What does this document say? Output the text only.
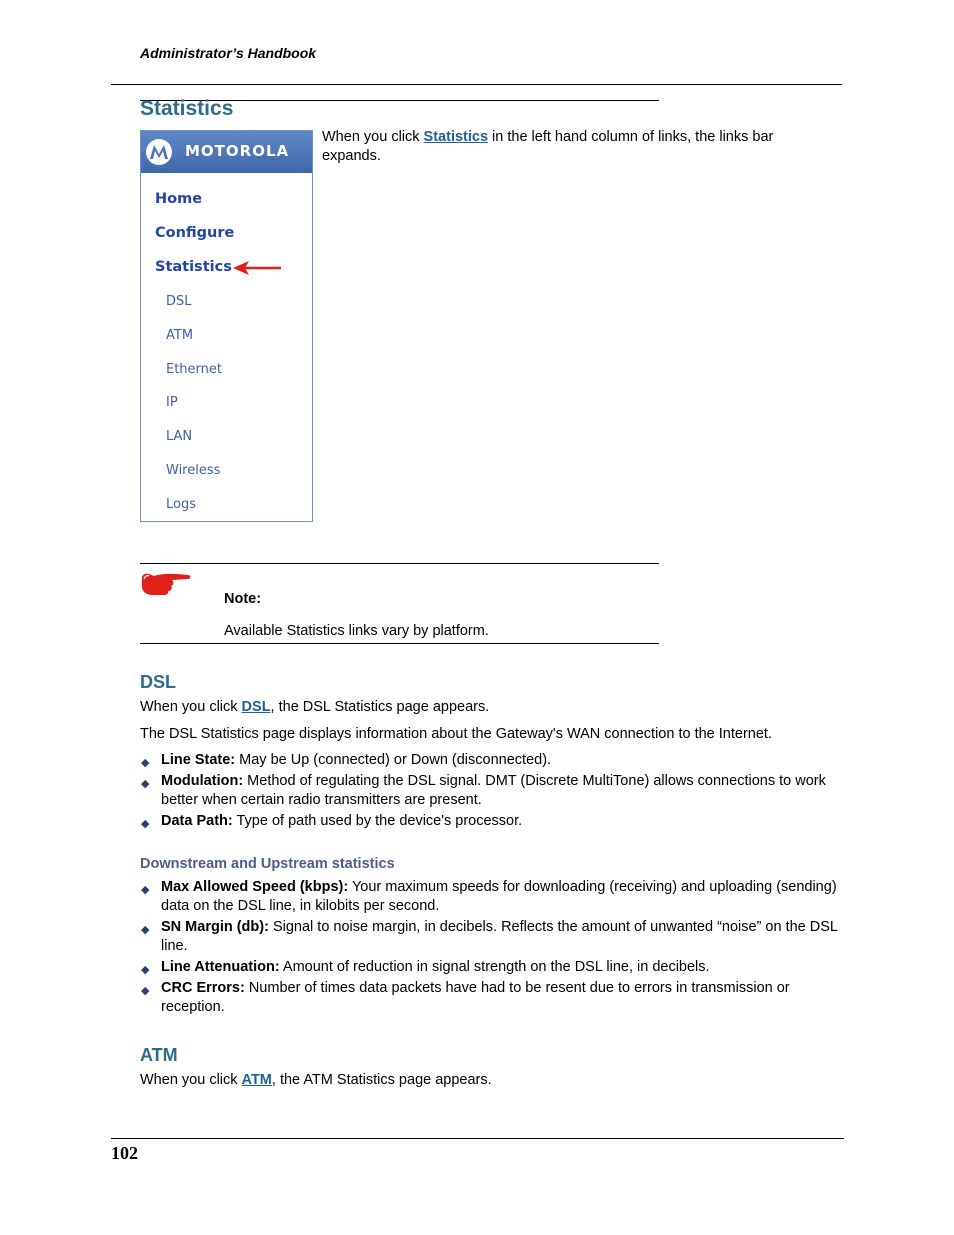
Administrator’s Handbook
Statistics
When you click Statistics in the left hand column of links, the links bar expands.
MOTOROLA
Home
Configure
Statistics
DSL
ATM
Ethernet
IP
LAN
Wireless
Logs
Note:
Available Statistics links vary by platform.
DSL
When you click DSL, the DSL Statistics page appears.
The DSL Statistics page displays information about the Gateway's WAN connection to the Internet.
◆ Line State: May be Up (connected) or Down (disconnected).
◆ Modulation: Method of regulating the DSL signal. DMT (Discrete MultiTone) allows connections to work better when certain radio transmitters are present.
◆ Data Path: Type of path used by the device's processor.
Downstream and Upstream statistics
◆ Max Allowed Speed (kbps): Your maximum speeds for downloading (receiving) and uploading (sending) data on the DSL line, in kilobits per second.
◆ SN Margin (db): Signal to noise margin, in decibels. Reflects the amount of unwanted “noise” on the DSL line.
◆ Line Attenuation: Amount of reduction in signal strength on the DSL line, in decibels.
◆ CRC Errors: Number of times data packets have had to be resent due to errors in transmission or reception.
ATM
When you click ATM, the ATM Statistics page appears.
102
